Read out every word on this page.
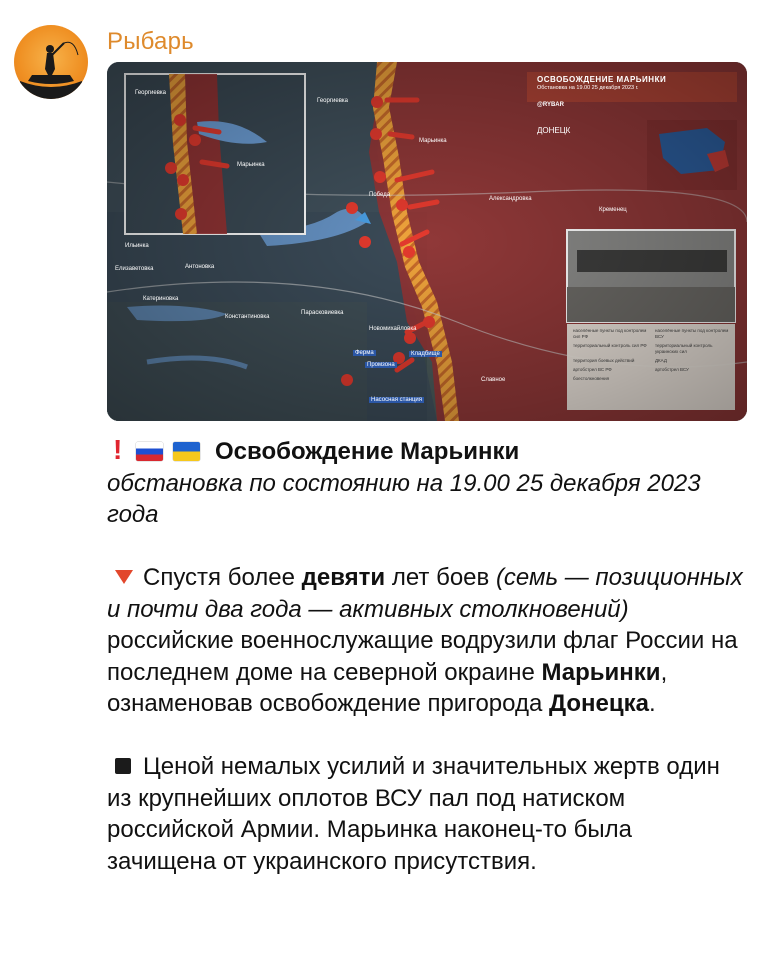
Рыбарь
ОСВОБОЖДЕНИЕ МАРЬИНКИ
Обстановка на 19.00 25 декабря 2023 г.
@RYBAR
Георгиевка
Марьинка
Георгиевка
Марьинка
ДОНЕЦК
Победа
Александровка
Кременец
Ильинка
Елизаветовка	Антоновка
Катериновка
Константиновка
Парасковиевка
Новомихайловка
Ферма	Кладбище
Промзона
Славное
Насосная станция
населённые пункты под контролем сил РФ
населённые пункты под контролем ВСУ
территориальный контроль сил РФ	территориальный контроль украинских сил
территория боевых действий	ДКАД
артобстрел ВС РФ	артобстрел ВСУ
боестолкновения

!	Освобождение Марьинки

обстановка по состоянию на 19.00 25 декабря 2023 года

Спустя более девяти лет боев (семь — позиционных и почти два года — активных столкновений) российские военнослужащие водрузили флаг России на последнем доме на северной окраине Марьинки, ознаменовав освобождение пригорода Донецка.

Ценой немалых усилий и значительных жертв один из крупнейших оплотов ВСУ пал под натиском российской Армии. Марьинка наконец-то была зачищена от украинского присутствия.
